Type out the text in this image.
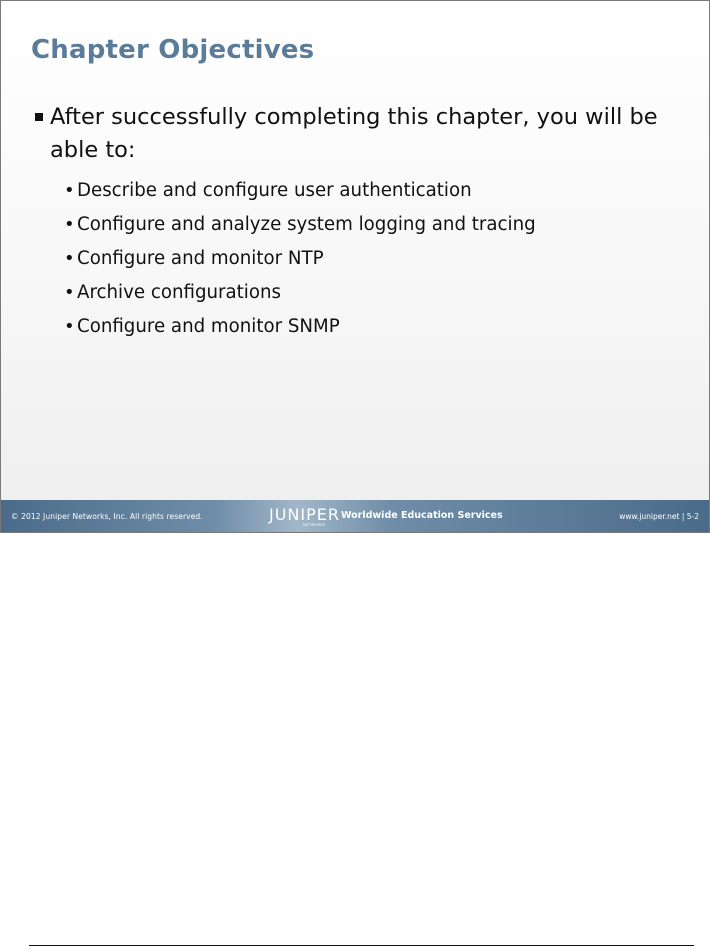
Chapter Objectives
After successfully completing this chapter, you will be able to:
• Describe and configure user authentication
• Configure and analyze system logging and tracing
• Configure and monitor NTP
• Archive configurations
• Configure and monitor SNMP
© 2012 Juniper Networks, Inc. All rights reserved.	JUNIPER
NETWORKS
Worldwide Education Services	www.juniper.net | 5-2
